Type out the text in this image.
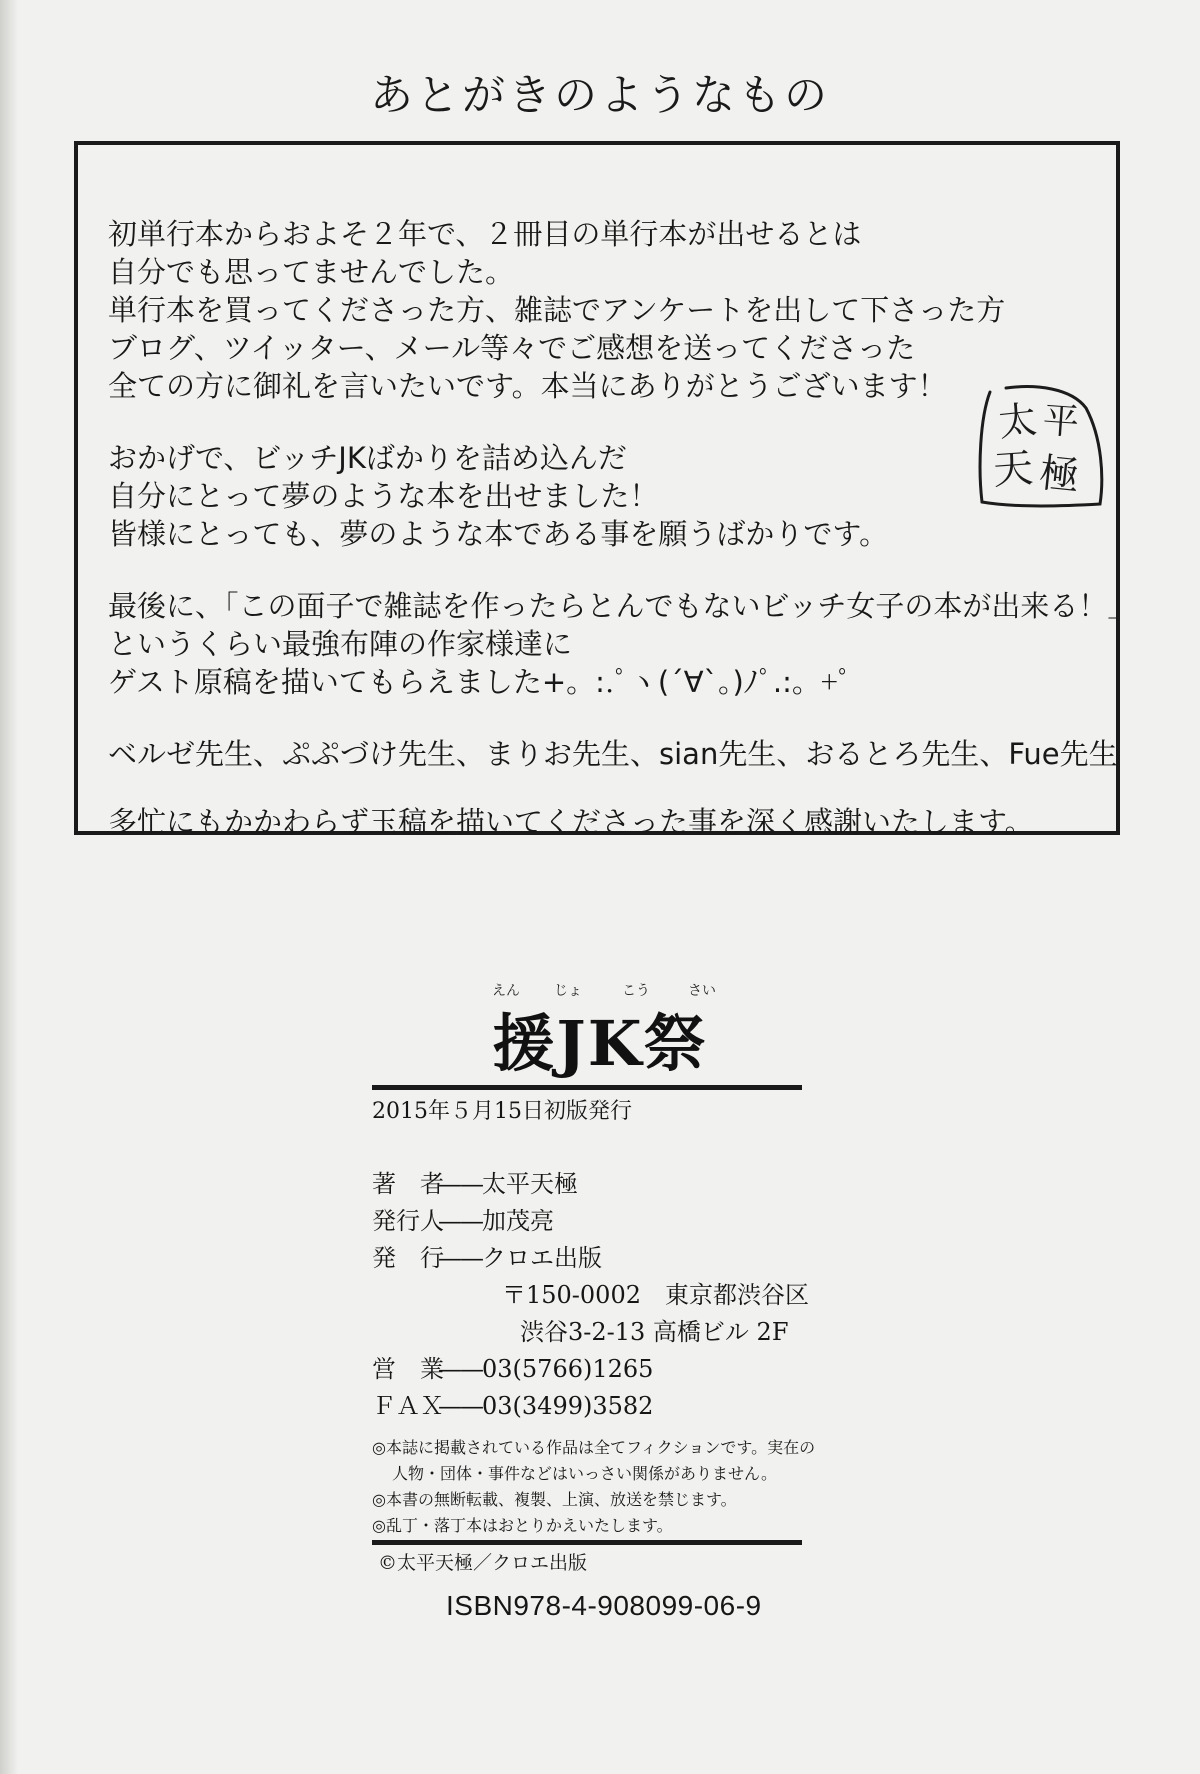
あとがきのようなもの

初単行本からおよそ２年で、２冊目の単行本が出せるとは
自分でも思ってませんでした。
単行本を買ってくださった方、雑誌でアンケートを出して下さった方
ブログ、ツイッター、メール等々でご感想を送ってくださった
全ての方に御礼を言いたいです。本当にありがとうございます！

おかげで、ビッチJKばかりを詰め込んだ
自分にとって夢のような本を出せました！
皆様にとっても、夢のような本である事を願うばかりです。

最後に、「この面子で雑誌を作ったらとんでもないビッチ女子の本が出来る！」
というくらい最強布陣の作家様達に
ゲスト原稿を描いてもらえました+。:.ﾟヽ(´∀`。)ﾉﾟ.:。+ﾟ

ベルゼ先生、ぷぷづけ先生、まりお先生、sian先生、おるとろ先生、Fue先生

多忙にもかかわらず玉稿を描いてくださった事を深く感謝いたします。

太 平
天 極
えん じょ	こう	さい
援JK祭
2015年５月15日初版発行
著　者——太平天極
発行人——加茂亮
発　行——クロエ出版
〒150-0002　東京都渋谷区
渋谷3-2-13 高橋ビル 2F
営　業——03(5766)1265
ＦＡＸ——03(3499)3582
◎本誌に掲載されている作品は全てフィクションです。実在の
人物・団体・事件などはいっさい関係がありません。
◎本書の無断転載、複製、上演、放送を禁じます。
◎乱丁・落丁本はおとりかえいたします。
©太平天極／クロエ出版
ISBN978-4-908099-06-9
